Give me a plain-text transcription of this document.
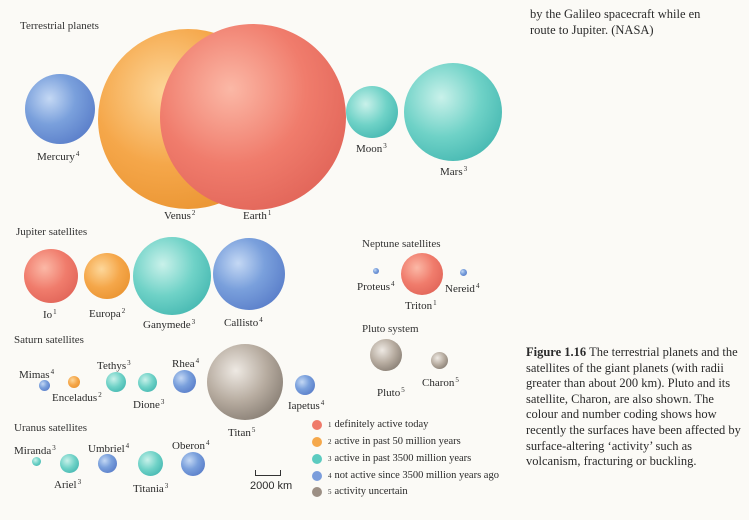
by the Galileo spacecraft while en
route to Jupiter. (NASA)
Terrestrial planets
Jupiter satellites
Saturn satellites
Uranus satellites
Neptune satellites
Pluto system
Mercury$^4$
Venus$^2$	Earth$^1$
Moon$^3$
Mars$^3$
Io$^1$	Europa$^2$
Ganymede$^3$	Callisto$^4$
Proteus$^4$
Triton$^1$
Nereid$^4$
Mimas$^4$
Enceladus$^2$
Tethys$^3$
Dione$^3$
Rhea$^4$
Titan$^5$
Iapetus$^4$
Pluto$^5$
Charon$^5$
Miranda$^3$
Ariel$^3$
Umbriel$^4$
Titania$^3$
Oberon$^4$
2000 km
1 definitely active today
2 active in past 50 million years
3 active in past 3500 million years
4 not active since 3500 million years ago
5 activity uncertain
Figure 1.16 The terrestrial planets and the satellites of the giant planets (with radii greater than about 200 km). Pluto and its satellite, Charon, are also shown. The colour and number coding shows how recently the surfaces have been affected by surface-altering ‘activity’ such as volcanism, fracturing or buckling.
